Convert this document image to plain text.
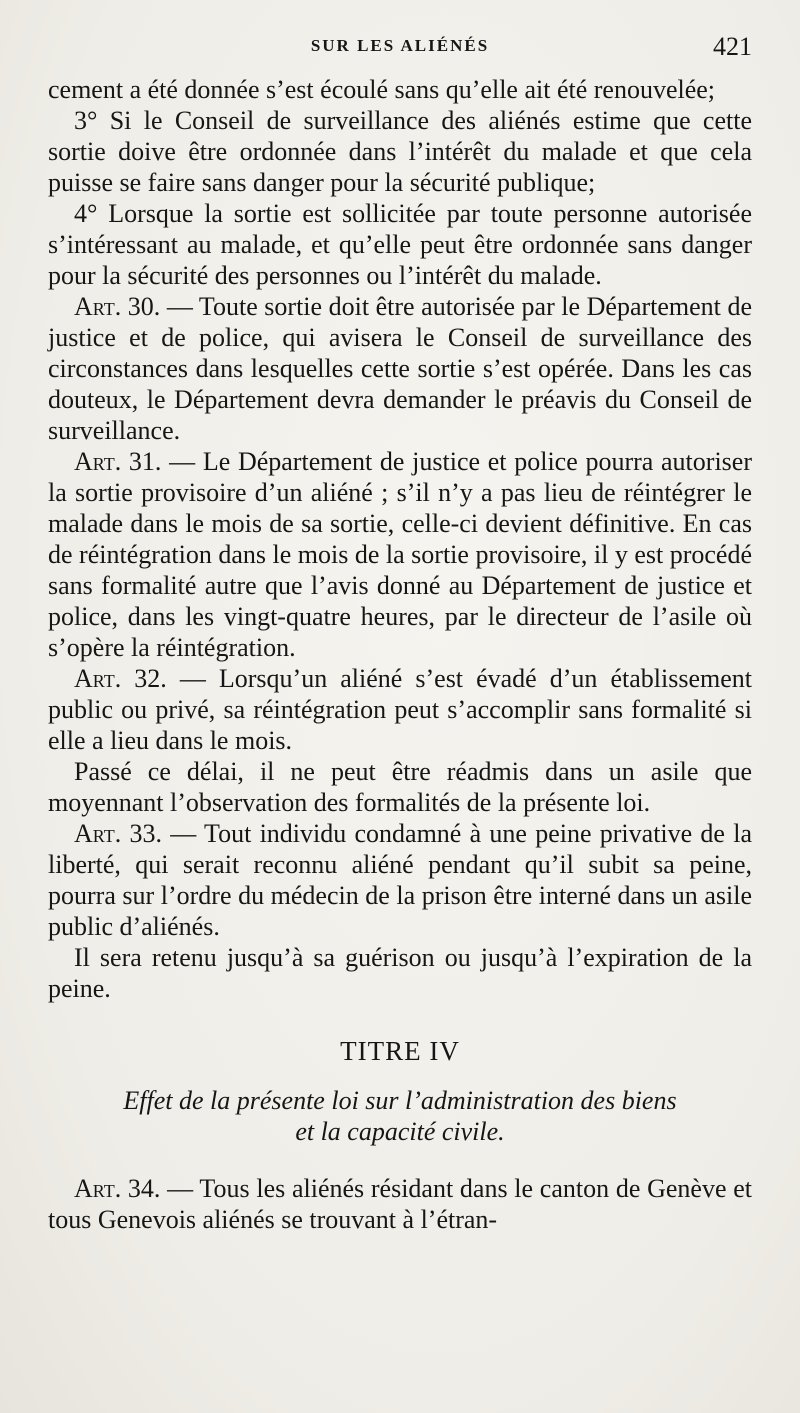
SUR LES ALIÉNÉS	421

cement a été donnée s’est écoulé sans qu’elle ait été renouvelée;

3° Si le Conseil de surveillance des aliénés estime que cette sortie doive être ordonnée dans l’intérêt du malade et que cela puisse se faire sans danger pour la sécurité publique;

4° Lorsque la sortie est sollicitée par toute personne autorisée s’intéressant au malade, et qu’elle peut être ordonnée sans danger pour la sécurité des personnes ou l’intérêt du malade.

Art. 30. — Toute sortie doit être autorisée par le Département de justice et de police, qui avisera le Conseil de surveillance des circonstances dans lesquelles cette sortie s’est opérée. Dans les cas douteux, le Département devra demander le préavis du Conseil de surveillance.

Art. 31. — Le Département de justice et police pourra autoriser la sortie provisoire d’un aliéné ; s’il n’y a pas lieu de réintégrer le malade dans le mois de sa sortie, celle-ci devient définitive. En cas de réintégration dans le mois de la sortie provisoire, il y est procédé sans formalité autre que l’avis donné au Département de justice et police, dans les vingt-quatre heures, par le directeur de l’asile où s’opère la réintégration.

Art. 32. — Lorsqu’un aliéné s’est évadé d’un établissement public ou privé, sa réintégration peut s’accomplir sans formalité si elle a lieu dans le mois.

Passé ce délai, il ne peut être réadmis dans un asile que moyennant l’observation des formalités de la présente loi.

Art. 33. — Tout individu condamné à une peine privative de la liberté, qui serait reconnu aliéné pendant qu’il subit sa peine, pourra sur l’ordre du médecin de la prison être interné dans un asile public d’aliénés.

Il sera retenu jusqu’à sa guérison ou jusqu’à l’expiration de la peine.

TITRE IV

Effet de la présente loi sur l’administration des biens
et la capacité civile.

Art. 34. — Tous les aliénés résidant dans le canton de Genève et tous Genevois aliénés se trouvant à l’étran-
